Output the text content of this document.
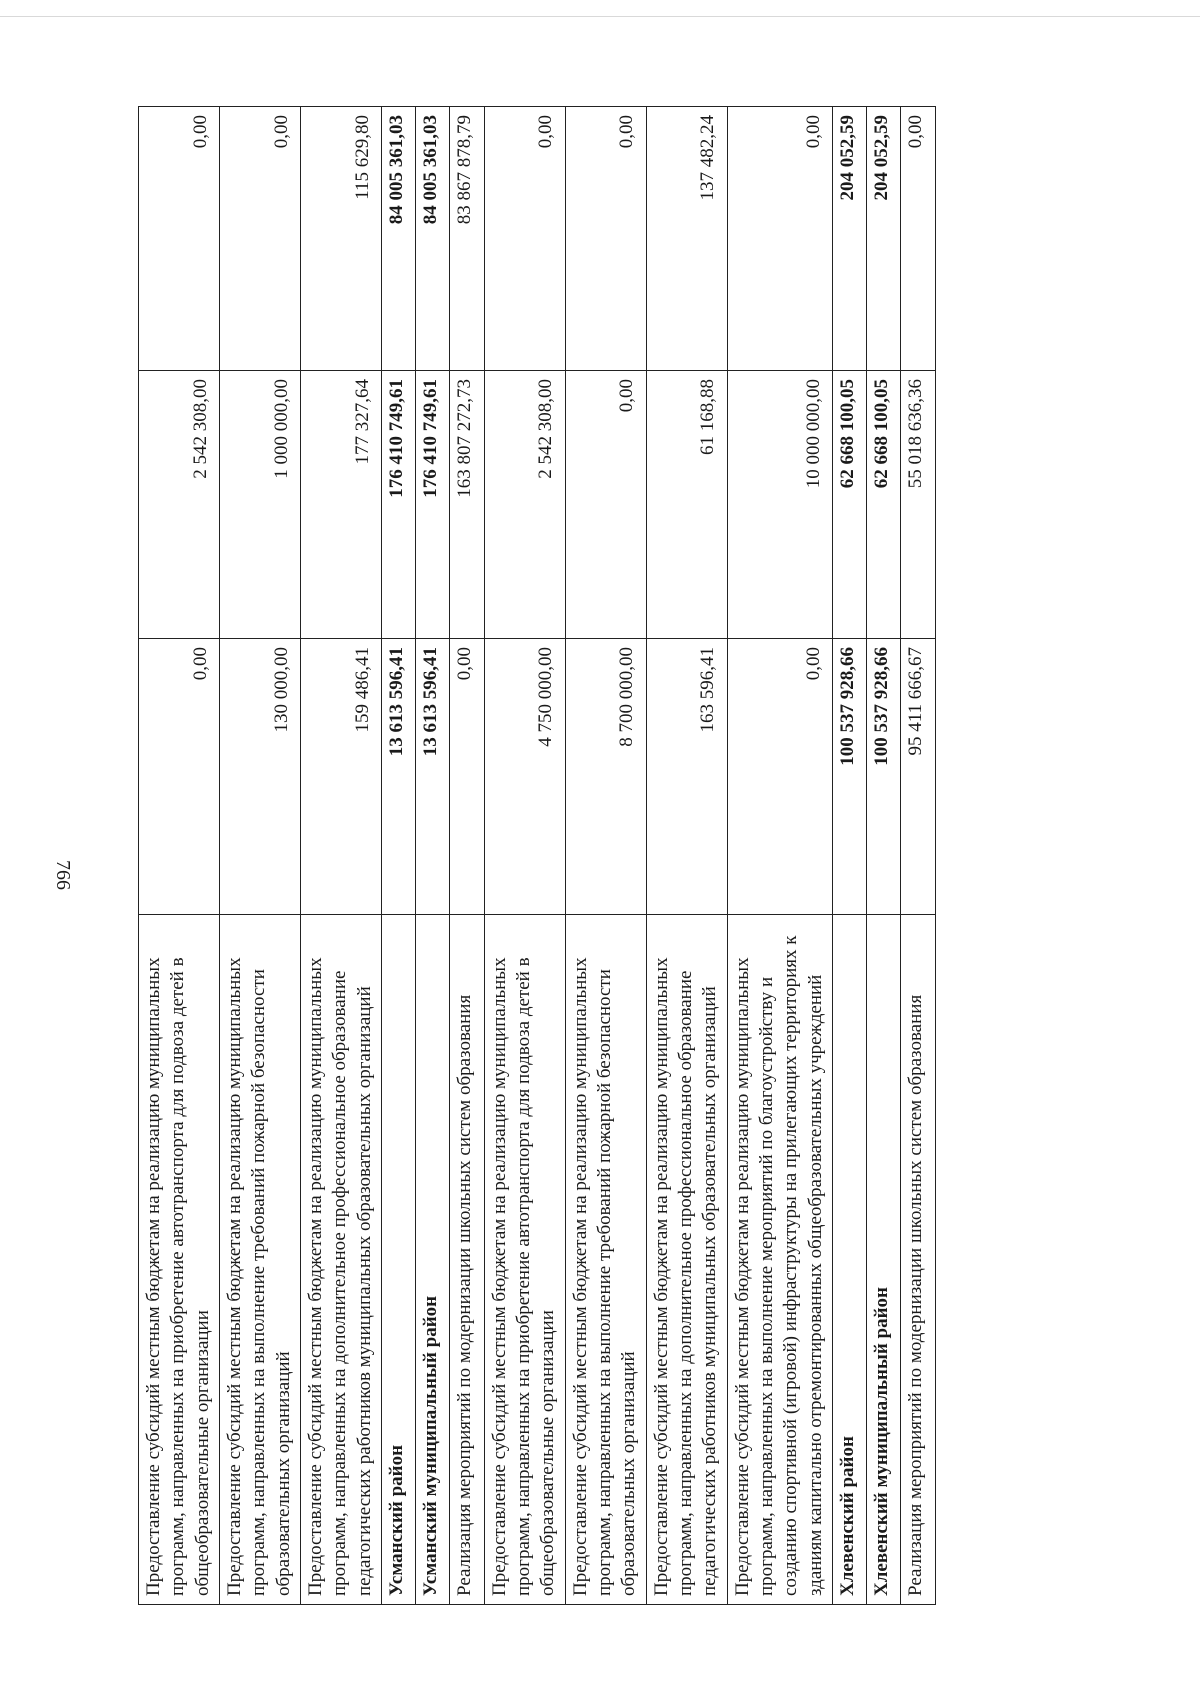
766
Предоставление субсидий местным бюджетам на реализацию муниципальных программ, направленных на приобретение автотранспорта для подвоза детей в общеобразовательные организации	0,00	2 542 308,00	0,00
Предоставление субсидий местным бюджетам на реализацию муниципальных программ, направленных на выполнение требований пожарной безопасности образовательных организаций	130 000,00	1 000 000,00	0,00
Предоставление субсидий местным бюджетам на реализацию муниципальных программ, направленных на дополнительное профессиональное образование педагогических работников муниципальных образовательных организаций	159 486,41	177 327,64	115 629,80
Усманский район	13 613 596,41	176 410 749,61	84 005 361,03
Усманский муниципальный район	13 613 596,41	176 410 749,61	84 005 361,03
Реализация мероприятий по модернизации школьных систем образования	0,00	163 807 272,73	83 867 878,79
Предоставление субсидий местным бюджетам на реализацию муниципальных программ, направленных на приобретение автотранспорта для подвоза детей в общеобразовательные организации	4 750 000,00	2 542 308,00	0,00
Предоставление субсидий местным бюджетам на реализацию муниципальных программ, направленных на выполнение требований пожарной безопасности образовательных организаций	8 700 000,00	0,00	0,00
Предоставление субсидий местным бюджетам на реализацию муниципальных программ, направленных на дополнительное профессиональное образование педагогических работников муниципальных образовательных организаций	163 596,41	61 168,88	137 482,24
Предоставление субсидий местным бюджетам на реализацию муниципальных программ, направленных на выполнение мероприятий по благоустройству и созданию спортивной (игровой) инфраструктуры на прилегающих территориях к зданиям капитально отремонтированных общеобразовательных учреждений	0,00	10 000 000,00	0,00
Хлевенский район	100 537 928,66	62 668 100,05	204 052,59
Хлевенский муниципальный район	100 537 928,66	62 668 100,05	204 052,59
Реализация мероприятий по модернизации школьных систем образования	95 411 666,67	55 018 636,36	0,00
